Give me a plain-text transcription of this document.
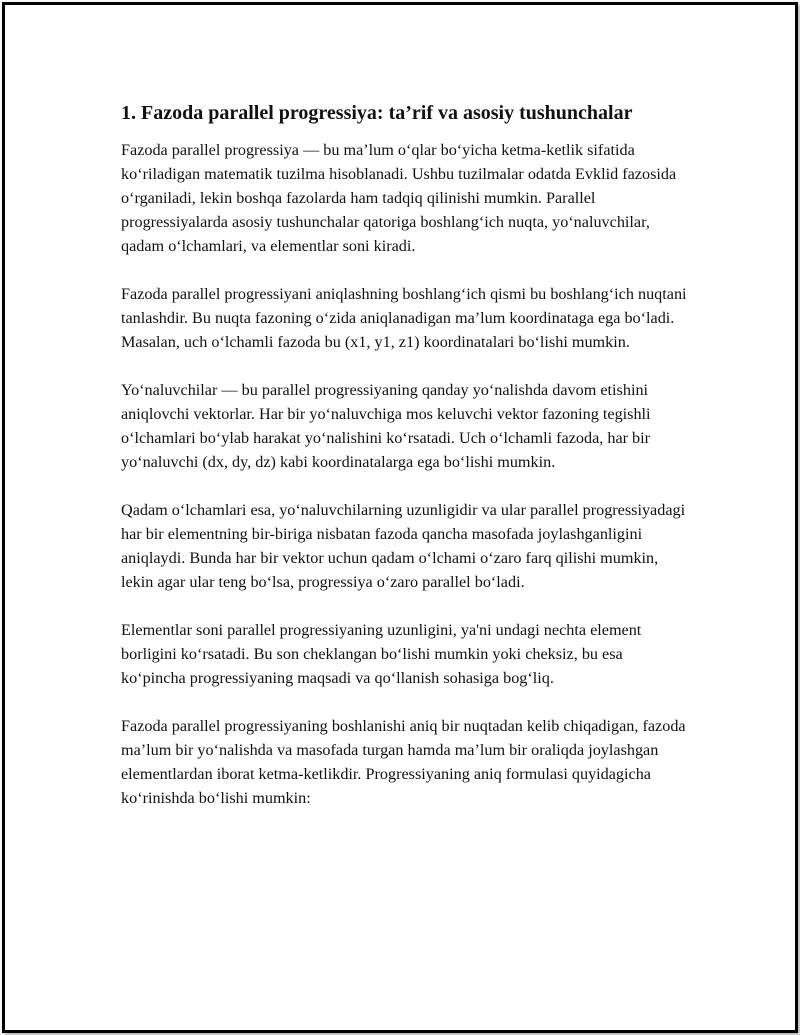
1. Fazoda parallel progressiya: ta’rif va asosiy tushunchalar

Fazoda parallel progressiya — bu ma’lum o‘qlar bo‘yicha ketma-ketlik sifatida ko‘riladigan matematik tuzilma hisoblanadi. Ushbu tuzilmalar odatda Evklid fazosida o‘rganiladi, lekin boshqa fazolarda ham tadqiq qilinishi mumkin. Parallel progressiyalarda asosiy tushunchalar qatoriga boshlang‘ich nuqta, yo‘naluvchilar, qadam o‘lchamlari, va elementlar soni kiradi.

Fazoda parallel progressiyani aniqlashning boshlang‘ich qismi bu boshlang‘ich nuqtani tanlashdir. Bu nuqta fazoning o‘zida aniqlanadigan ma’lum koordinataga ega bo‘ladi. Masalan, uch o‘lchamli fazoda bu (x1, y1, z1) koordinatalari bo‘lishi mumkin.

Yo‘naluvchilar — bu parallel progressiyaning qanday yo‘nalishda davom etishini aniqlovchi vektorlar. Har bir yo‘naluvchiga mos keluvchi vektor fazoning tegishli o‘lchamlari bo‘ylab harakat yo‘nalishini ko‘rsatadi. Uch o‘lchamli fazoda, har bir yo‘naluvchi (dx, dy, dz) kabi koordinatalarga ega bo‘lishi mumkin.

Qadam o‘lchamlari esa, yo‘naluvchilarning uzunligidir va ular parallel progressiyadagi har bir elementning bir-biriga nisbatan fazoda qancha masofada joylashganligini aniqlaydi. Bunda har bir vektor uchun qadam o‘lchami o‘zaro farq qilishi mumkin, lekin agar ular teng bo‘lsa, progressiya o‘zaro parallel bo‘ladi.

Elementlar soni parallel progressiyaning uzunligini, ya'ni undagi nechta element borligini ko‘rsatadi. Bu son cheklangan bo‘lishi mumkin yoki cheksiz, bu esa ko‘pincha progressiyaning maqsadi va qo‘llanish sohasiga bog‘liq.

Fazoda parallel progressiyaning boshlanishi aniq bir nuqtadan kelib chiqadigan, fazoda ma’lum bir yo‘nalishda va masofada turgan hamda ma’lum bir oraliqda joylashgan elementlardan iborat ketma-ketlikdir. Progressiyaning aniq formulasi quyidagicha ko‘rinishda bo‘lishi mumkin:
